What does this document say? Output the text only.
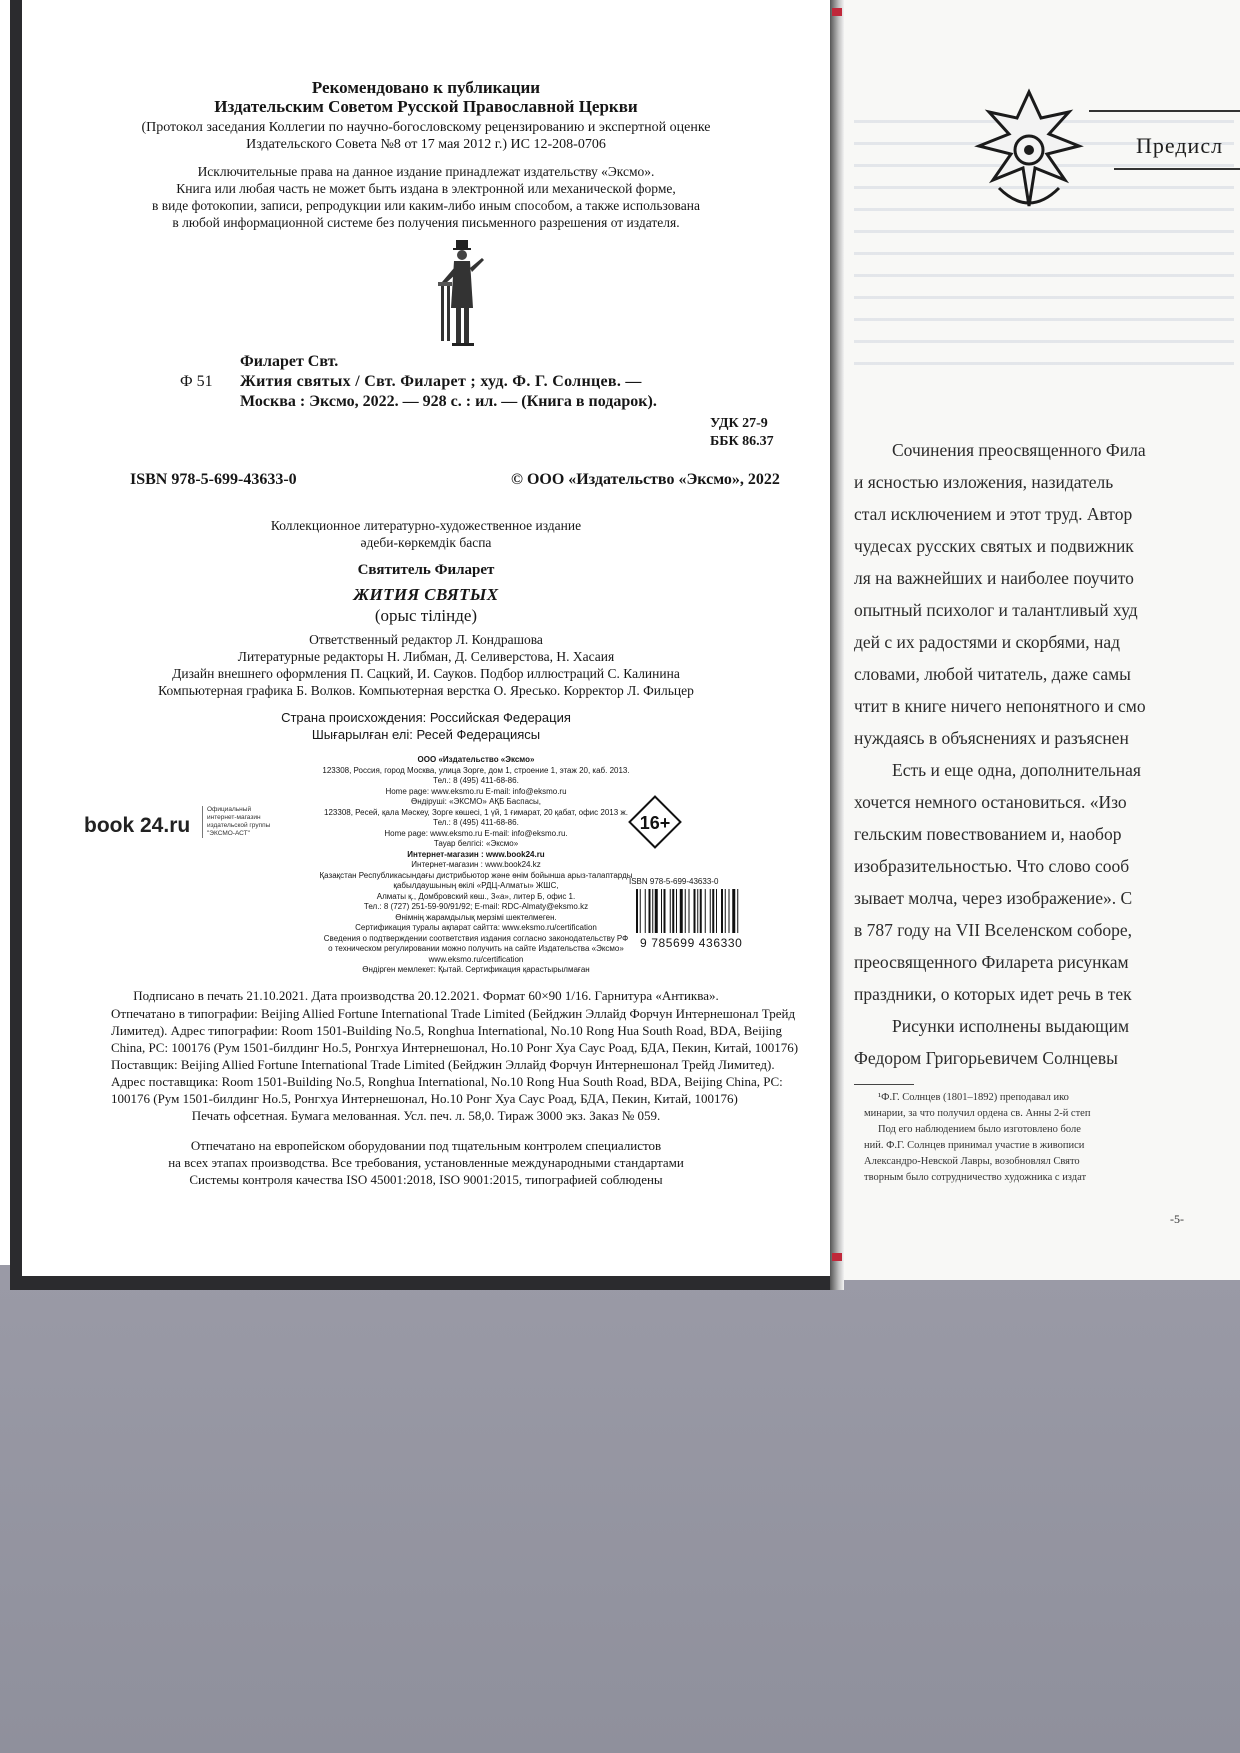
Рекомендовано к публикации
Издательским Советом Русской Православной Церкви
(Протокол заседания Коллегии по научно-богословскому рецензированию и экспертной оценке
Издательского Совета №8 от 17 мая 2012 г.) ИС 12-208-0706
Исключительные права на данное издание принадлежат издательству «Эксмо».
Книга или любая часть не может быть издана в электронной или механической форме,
в виде фотокопии, записи, репродукции или каким-либо иным способом, а также использована
в любой информационной системе без получения письменного разрешения от издателя.
Филарет Свт.
Ф 51 Жития святых / Свт. Филарет ; худ. Ф. Г. Солнцев. —
Москва : Эксмо, 2022. — 928 с. : ил. — (Книга в подарок).
УДК 27-9
ББК 86.37
ISBN 978-5-699-43633-0	© ООО «Издательство «Эксмо», 2022
Коллекционное литературно-художественное издание
әдеби-көркемдік баспа
Святитель Филарет
ЖИТИЯ СВЯТЫХ
(орыс тілінде)
Ответственный редактор Л. Кондрашова
Литературные редакторы Н. Либман, Д. Селиверстова, Н. Хасаия
Дизайн внешнего оформления П. Сацкий, И. Сауков. Подбор иллюстраций С. Калинина
Компьютерная графика Б. Волков. Компьютерная верстка О. Яресько. Корректор Л. Фильцер
Страна происхождения: Российская Федерация
Шығарылған елі: Ресей Федерациясы
ООО «Издательство «Эксмо»
123308, Россия, город Москва, улица Зорге, дом 1, строение 1, этаж 20, каб. 2013.
Тел.: 8 (495) 411-68-86.
Home page: www.eksmo.ru E-mail: info@eksmo.ru
Өндіруші: «ЭКСМО» АҚБ Баспасы,
123308, Ресей, қала Мәскеу, Зорге көшесі, 1 үй, 1 ғимарат, 20 қабат, офис 2013 ж.
Тел.: 8 (495) 411-68-86.
Home page: www.eksmo.ru E-mail: info@eksmo.ru.
Тауар белгісі: «Эксмо»
Интернет-магазин : www.book24.ru
Интернет-магазин : www.book24.kz
Қазақстан Республикасындағы дистрибьютор және өнім бойынша арыз-талаптарды
қабылдаушының өкілі «РДЦ-Алматы» ЖШС,
Алматы қ., Домбровский көш., 3«а», литер Б, офис 1.
Тел.: 8 (727) 251-59-90/91/92; E-mail: RDC-Almaty@eksmo.kz
Өнімнің жарамдылық мерзімі шектелмеген.
Сертификация туралы ақпарат сайтта: www.eksmo.ru/certification
Сведения о подтверждении соответствия издания согласно законодательству РФ
о техническом регулировании можно получить на сайте Издательства «Эксмо»
www.eksmo.ru/certification
Өндірген мемлекет: Қытай. Сертификация қарастырылмаған
book 24.ru
Официальный
интернет-магазин
издательской группы
"ЭКСМО-АСТ"
16+
ISBN 978-5-699-43633-0
9 785699 436330
Подписано в печать 21.10.2021. Дата производства 20.12.2021. Формат 60×90 1/16. Гарнитура «Антиква».
Отпечатано в типографии: Beijing Allied Fortune International Trade Limited (Бейджин Эллайд Форчун Интернешонал Трейд
Лимитед). Адрес типографии: Room 1501-Building No.5, Ronghua International, No.10 Rong Hua South Road, BDA, Beijing
China, PC: 100176 (Рум 1501-билдинг Но.5, Ронгхуа Интернешонал, Но.10 Ронг Хуа Саус Роад, БДА, Пекин, Китай, 100176)
Поставщик: Beijing Allied Fortune International Trade Limited (Бейджин Эллайд Форчун Интернешонал Трейд Лимитед).
Адрес поставщика: Room 1501-Building No.5, Ronghua International, No.10 Rong Hua South Road, BDA, Beijing China, PC:
100176 (Рум 1501-билдинг Но.5, Ронгхуа Интернешонал, Но.10 Ронг Хуа Саус Роад, БДА, Пекин, Китай, 100176)
Печать офсетная. Бумага мелованная. Усл. печ. л. 58,0. Тираж 3000 экз. Заказ № 059.
Отпечатано на европейском оборудовании под тщательным контролем специалистов
на всех этапах производства. Все требования, установленные международными стандартами
Системы контроля качества ISO 45001:2018, ISO 9001:2015, типографией соблюдены
Предисл
Сочинения преосвященного Фила
и ясностью изложения, назидатель
стал исключением и этот труд. Автор
чудесах русских святых и подвижник
ля на важнейших и наиболее поучито
опытный психолог и талантливый худ
дей с их радостями и скорбями, над
словами, любой читатель, даже самы
чтит в книге ничего непонятного и смо
нуждаясь в объяснениях и разъяснен
Есть и еще одна, дополнительная
хочется немного остановиться. «Изо
гельским повествованием и, наобор
изобразительностью. Что слово сооб
зывает молча, через изображение». С
в 787 году на VII Вселенском соборе,
преосвященного Филарета рисункам
праздники, о которых идет речь в тек
Рисунки исполнены выдающим
Федором Григорьевичем Солнцевы
¹Ф.Г. Солнцев (1801–1892) преподавал ико
минарии, за что получил ордена св. Анны 2-й степ
Под его наблюдением было изготовлено боле
ний. Ф.Г. Солнцев принимал участие в живописи
Александро-Невской Лавры, возобновлял Свято
творным было сотрудничество художника с издат
-5-
